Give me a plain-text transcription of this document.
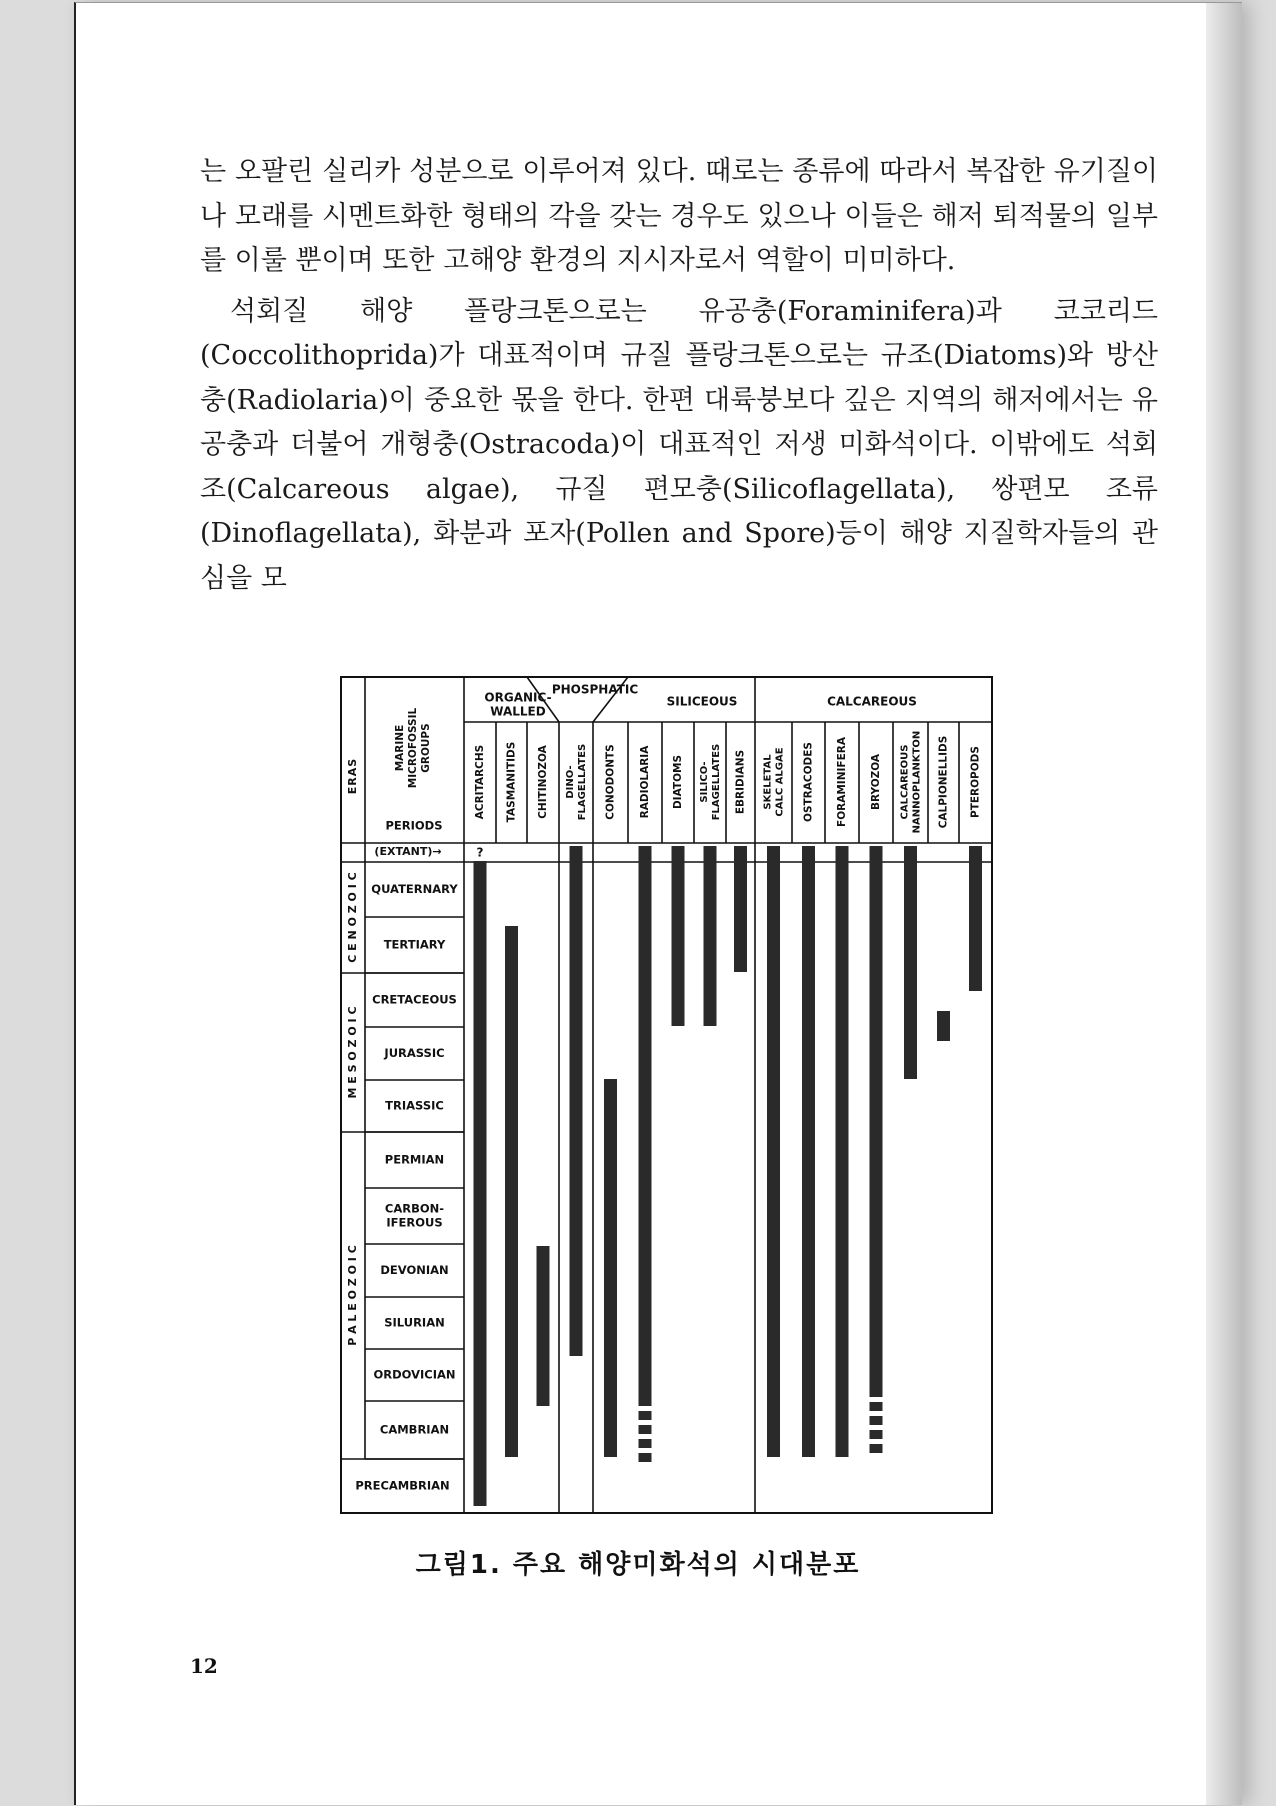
는 오팔린 실리카 성분으로 이루어져 있다. 때로는 종류에 따라서 복잡한 유기질이나 모래를 시멘트화한 형태의 각을 갖는 경우도 있으나 이들은 해저 퇴적물의 일부를 이룰 뿐이며 또한 고해양 환경의 지시자로서 역할이 미미하다.

석회질 해양 플랑크톤으로는 유공충(Foraminifera)과 코코리드(Coccolithoprida)가 대표적이며 규질 플랑크톤으로는 규조(Diatoms)와 방산충(Radiolaria)이 중요한 몫을 한다. 한편 대륙붕보다 깊은 지역의 해저에서는 유공충과 더불어 개형충(Ostracoda)이 대표적인 저생 미화석이다. 이밖에도 석회조(Calcareous algae), 규질 편모충(Silicoflagellata), 쌍편모 조류(Dinoflagellata), 화분과 포자(Pollen and Spore)등이 해양 지질학자들의 관심을 모

ORGANIC-
WALLED
PHOSPHATIC
SILICEOUS	CALCAREOUS
ERAS
MARINE MICROFOSSIL GROUPS
PERIODS
ACRITARCHS TASMANITIDS CHITINOZOA DINO- FLAGELLATES CONODONTS RADIOLARIA DIATOMS SILICO- FLAGELLATES EBRIDIANS SKELETAL CALC ALGAE OSTRACODES FORAMINIFERA BRYOZOA CALCAREOUS NANNOPLANKTON CALPIONELLIDS PTEROPODS
(EXTANT)→	?
C E N O Z O I C
M E S O Z O I C
P A L E O Z O I C
QUATERNARY
TERTIARY
CRETACEOUS
JURASSIC
TRIASSIC
PERMIAN
CARBON-
IFEROUS
DEVONIAN
SILURIAN
ORDOVICIAN
CAMBRIAN
PRECAMBRIAN
그림1. 주요 해양미화석의 시대분포
12
